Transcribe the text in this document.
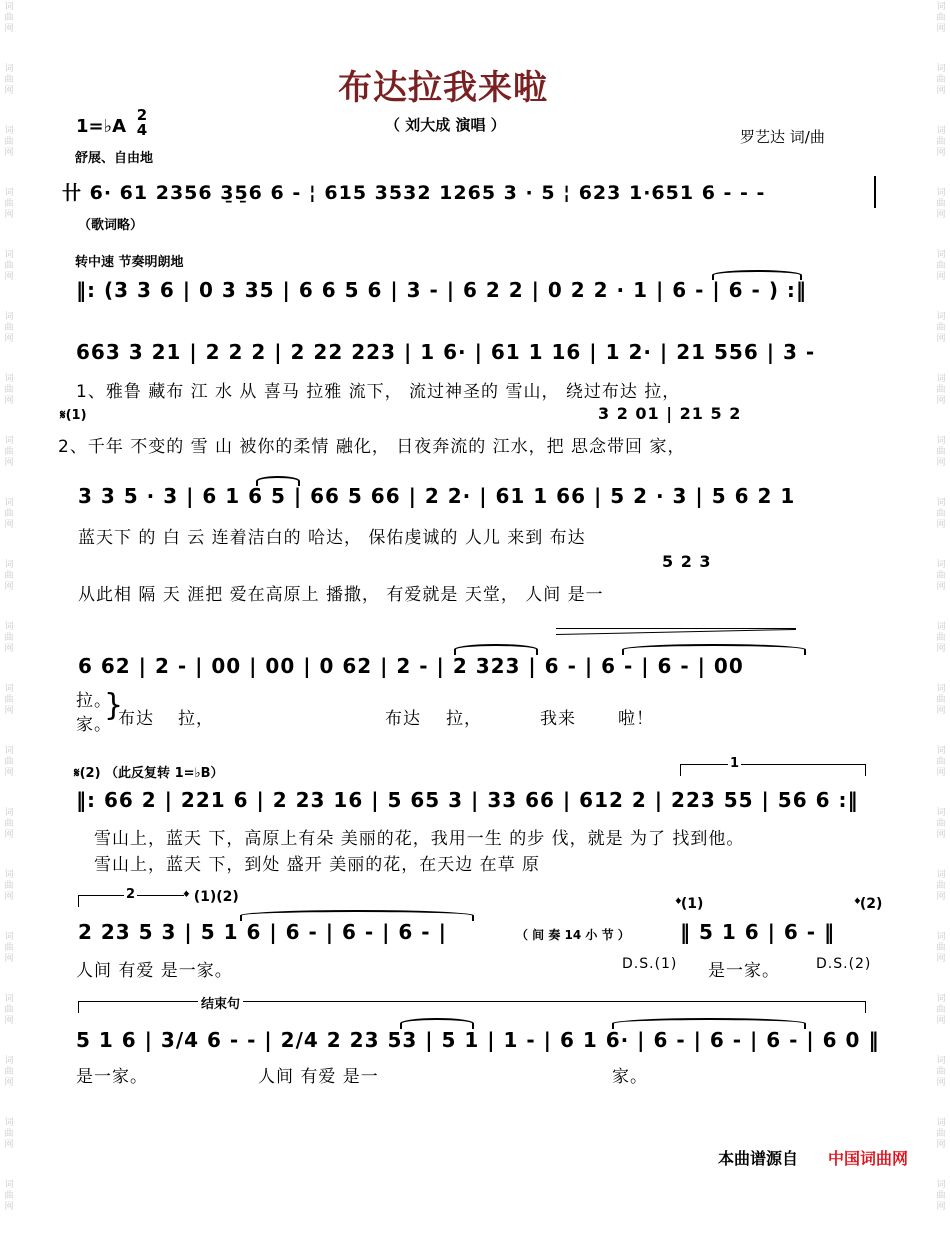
词
曲
网
词
曲
网
词
曲
网
词
曲
网
词
曲
网
词
曲
网
词
曲
网
词
曲
网
词
曲
网
词
曲
网
词
曲
网
词
曲
网
词
曲
网
词
曲
网
词
曲
网
词
曲
网
词
曲
网
词
曲
网
词
曲
网
词
曲
网
词
曲
网
词
曲
网
词
曲
网
词
曲
网
词
曲
网
词
曲
网
词
曲
网
词
曲
网
词
曲
网
词
曲
网
词
曲
网
词
曲
网
词
曲
网
词
曲
网
词
曲
网
词
曲
网
词
曲
网
词
曲
网
词
曲
网
词
曲
网
布达拉我来啦
（ 刘大成 演唱 ）
1=♭A
2
4	罗艺达 词/曲
舒展、自由地
卄 6· 61 2356 3̱5̱6 6 - ¦ 615 3532 1265 3 · 5 ¦ 623 1·651 6 - - -
（歌词略）
转中速 节奏明朗地
‖: (3 3 6 | 0 3 35 | 6 6 5 6 | 3 - | 6 2 2 | 0 2 2 · 1 | 6 - | 6 - ) :‖
663 3 21 | 2 2 2 | 2 22 223 | 1 6· | 61 1 16 | 1 2· | 21 556 | 3 -
1、雅鲁 藏布 江 水 从 喜马 拉雅 流下， 流过神圣的 雪山， 绕过布达 拉，
𝄋(1)	3 2 01 | 21 5 2
2、千年 不变的 雪 山 被你的柔情 融化， 日夜奔流的 江水，把 思念带回 家，
3 3 5 · 3 | 6 1 6 5 | 66 5 66 | 2 2· | 61 1 66 | 5 2 · 3 | 5 6 2 1
蓝天下 的 白 云 连着洁白的 哈达， 保佑虔诚的 人儿 来到 布达
5 2 3
从此相 隔 天 涯把 爱在高原上 播撒， 有爱就是 天堂， 人间 是一
6 62 | 2 - | 00 | 00 | 0 62 | 2 - | 2 323 | 6 - | 6 - | 6 - | 00
拉。
家。
}
布达 拉，	布达 拉，	我来 啦！
𝄋(2) （此反复转 1=♭B）
1
‖: 66 2 | 221 6 | 2 23 16 | 5 65 3 | 33 66 | 612 2 | 223 55 | 56 6 :‖
雪山上，蓝天 下，高原上有朵 美丽的花，我用一生 的步 伐，就是 为了 找到他。
雪山上，蓝天 下，到处 盛开 美丽的花，在天边 在草 原
2	𝄌 (1)(2)	𝄌(1)	𝄌(2)
2 23 5 3 | 5 1 6 | 6 - | 6 - | 6 - |	（ 间 奏 14 小 节 ）	‖ 5 1 6 | 6 - ‖
人间 有爱 是一家。	D.S.(1) 是一家。	D.S.(2)
结束句
5 1 6 | 3/4 6 - - | 2/4 2 23 53 | 5 1 | 1 - | 6 1 6· | 6 - | 6 - | 6 - | 6 0 ‖
是一家。	人间 有爱 是一	家。
本曲谱源自 中国词曲网
